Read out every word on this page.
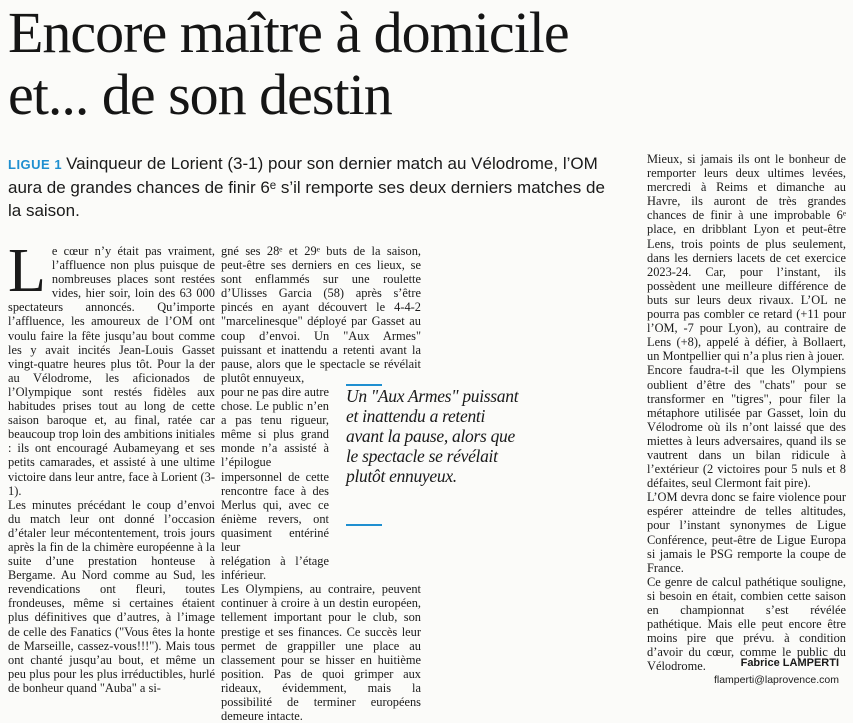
Encore maître à domicile
et... de son destin
LIGUE 1 Vainqueur de Lorient (3-1) pour son dernier match au Vélodrome, l’OM aura de grandes chances de finir 6ᵉ s’il remporte ses deux derniers matches de la saison.
L e cœur n’y était pas vraiment, l’affluence non plus puisque de nombreuses places sont restées vides, hier soir, loin des 63 000 spectateurs annoncés. Qu’importe l’affluence, les amoureux de l’OM ont voulu faire la fête jusqu’au bout comme les y avait incités Jean-Louis Gasset vingt-quatre heures plus tôt. Pour la der au Vélodrome, les aficionados de l’Olympique sont restés fidèles aux habitudes prises tout au long de cette saison baroque et, au final, ratée car beaucoup trop loin des ambitions initiales : ils ont encouragé Aubameyang et ses petits camarades, et assisté à une ultime victoire dans leur antre, face à Lorient (3-1).

Les minutes précédant le coup d’envoi du match leur ont donné l’occasion d’étaler leur mécontentement, trois jours après la fin de la chimère européenne à la suite d’une prestation honteuse à Bergame. Au Nord comme au Sud, les revendications ont fleuri, toutes frondeuses, même si certaines étaient plus définitives que d’autres, à l’image de celle des Fanatics ("Vous êtes la honte de Marseille, cassez-vous!!!"). Mais tous ont chanté jusqu’au bout, et même un peu plus pour les plus irréductibles, hurlé de bonheur quand "Auba" a si-

gné ses 28ᵉ et 29ᵉ buts de la saison, peut-être ses derniers en ces lieux, se sont enflammés sur une roulette d’Ulisses Garcia (58) après s’être pincés en ayant découvert le 4-4-2 "marcelinesque" déployé par Gasset au coup d’envoi. Un "Aux Armes" puissant et inattendu a retenti avant la pause, alors que le spectacle se révélait plutôt ennuyeux,

pour ne pas dire autre chose. Le public n’en a pas tenu rigueur, même si plus grand monde n’a assisté à l’épilogue impersonnel de cette rencontre face à des Merlus qui, avec ce énième revers, ont quasiment entériné leur

relégation à l’étage inférieur.

Les Olympiens, au contraire, peuvent continuer à croire à un destin européen, tellement important pour le club, son prestige et ses finances. Ce succès leur permet de grappiller une place au classement pour se hisser en huitième position. Pas de quoi grimper aux rideaux, évidemment, mais la possibilité de terminer européens demeure intacte.

Un "Aux Armes" puissant et inattendu a retenti avant la pause, alors que le spectacle se révélait plutôt ennuyeux.

Mieux, si jamais ils ont le bonheur de remporter leurs deux ultimes levées, mercredi à Reims et dimanche au Havre, ils auront de très grandes chances de finir à une improbable 6ᵉ place, en dribblant Lyon et peut-être Lens, trois points de plus seulement, dans les derniers lacets de cet exercice 2023-24. Car, pour l’instant, ils possèdent une meilleure différence de buts sur leurs deux rivaux. L’OL ne pourra pas combler ce retard (+11 pour l’OM, -7 pour Lyon), au contraire de Lens (+8), appelé à défier, à Bollaert, un Montpellier qui n’a plus rien à jouer.

Encore faudra-t-il que les Olympiens oublient d’être des "chats" pour se transformer en "tigres", pour filer la métaphore utilisée par Gasset, loin du Vélodrome où ils n’ont laissé que des miettes à leurs adversaires, quand ils se vautrent dans un bilan ridicule à l’extérieur (2 victoires pour 5 nuls et 8 défaites, seul Clermont fait pire).

L’OM devra donc se faire violence pour espérer atteindre de telles altitudes, pour l’instant synonymes de Ligue Conférence, peut-être de Ligue Europa si jamais le PSG remporte la coupe de France.

Ce genre de calcul pathétique souligne, si besoin en était, combien cette saison en championnat s’est révélée pathétique. Mais elle peut encore être moins pire que prévu. à condition d’avoir du cœur, comme le public du Vélodrome.	Fabrice LAMPERTI
flamperti@laprovence.com
